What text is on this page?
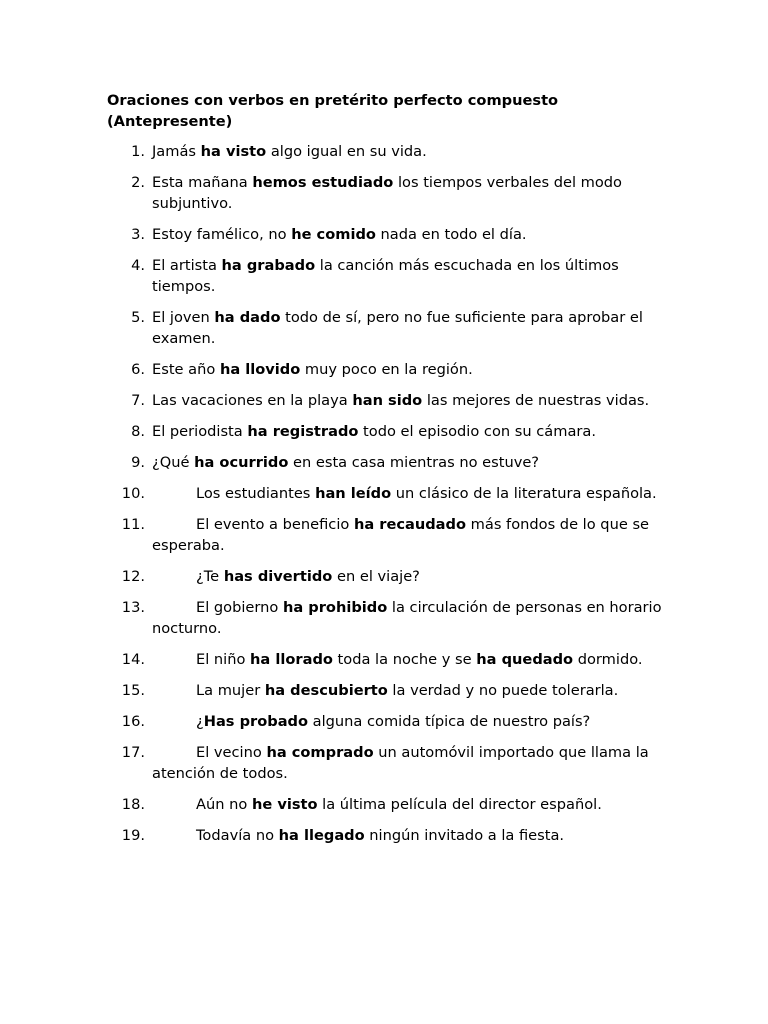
Oraciones con verbos en pretérito perfecto compuesto (Antepresente)
1. Jamás ha visto algo igual en su vida.
2. Esta mañana hemos estudiado los tiempos verbales del modo subjuntivo.
3. Estoy famélico, no he comido nada en todo el día.
4. El artista ha grabado la canción más escuchada en los últimos tiempos.
5. El joven ha dado todo de sí, pero no fue suficiente para aprobar el examen.
6. Este año ha llovido muy poco en la región.
7. Las vacaciones en la playa han sido las mejores de nuestras vidas.
8. El periodista ha registrado todo el episodio con su cámara.
9. ¿Qué ha ocurrido en esta casa mientras no estuve?
10.	Los estudiantes han leído un clásico de la literatura española.
11.	El evento a beneficio ha recaudado más fondos de lo que se esperaba.
12.	¿Te has divertido en el viaje?
13.	El gobierno ha prohibido la circulación de personas en horario nocturno.
14.	El niño ha llorado toda la noche y se ha quedado dormido.
15.	La mujer ha descubierto la verdad y no puede tolerarla.
16.	¿Has probado alguna comida típica de nuestro país?
17.	El vecino ha comprado un automóvil importado que llama la atención de todos.
18.	Aún no he visto la última película del director español.
19.	Todavía no ha llegado ningún invitado a la fiesta.
